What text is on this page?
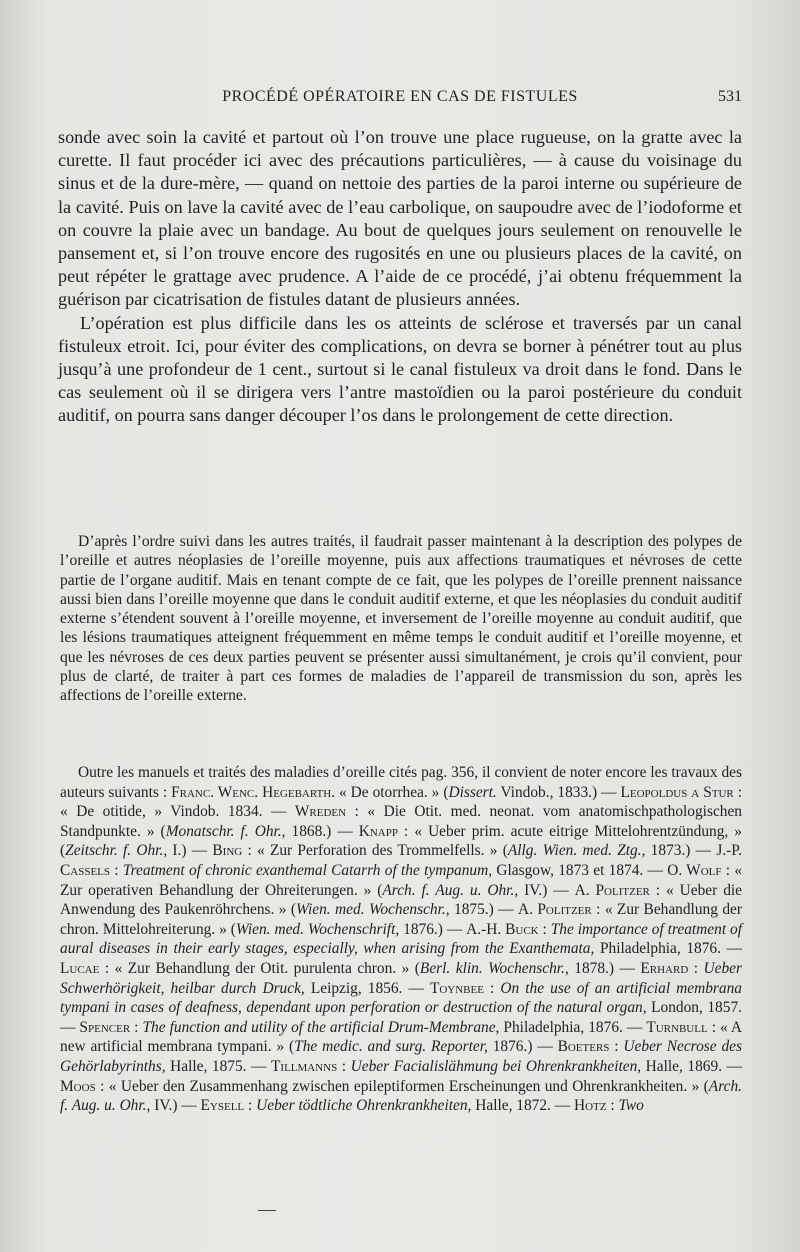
PROCÉDÉ OPÉRATOIRE EN CAS DE FISTULES	531

sonde avec soin la cavité et partout où l’on trouve une place rugueuse, on la gratte avec la curette. Il faut procéder ici avec des précautions particulières, — à cause du voisinage du sinus et de la dure-mère, — quand on nettoie des parties de la paroi interne ou supérieure de la cavité. Puis on lave la cavité avec de l’eau carbolique, on saupoudre avec de l’iodoforme et on couvre la plaie avec un bandage. Au bout de quelques jours seulement on renouvelle le pansement et, si l’on trouve encore des rugosités en une ou plusieurs places de la cavité, on peut répéter le grattage avec prudence. A l’aide de ce procédé, j’ai obtenu fréquemment la guérison par cicatrisation de fistules datant de plusieurs années.

L’opération est plus difficile dans les os atteints de sclérose et traversés par un canal fistuleux etroit. Ici, pour éviter des complications, on devra se borner à pénétrer tout au plus jusqu’à une profondeur de 1 cent., surtout si le canal fistuleux va droit dans le fond. Dans le cas seulement où il se dirigera vers l’antre mastoïdien ou la paroi postérieure du conduit auditif, on pourra sans danger découper l’os dans le prolongement de cette direction.

D’après l’ordre suivi dans les autres traités, il faudrait passer maintenant à la description des polypes de l’oreille et autres néoplasies de l’oreille moyenne, puis aux affections traumatiques et névroses de cette partie de l’organe auditif. Mais en tenant compte de ce fait, que les polypes de l’oreille prennent naissance aussi bien dans l’oreille moyenne que dans le conduit auditif externe, et que les néoplasies du conduit auditif externe s’étendent souvent à l’oreille moyenne, et inversement de l’oreille moyenne au conduit auditif, que les lésions traumatiques atteignent fréquemment en même temps le conduit auditif et l’oreille moyenne, et que les névroses de ces deux parties peuvent se présenter aussi simultanément, je crois qu’il convient, pour plus de clarté, de traiter à part ces formes de maladies de l’appareil de transmission du son, après les affections de l’oreille externe.

Outre les manuels et traités des maladies d’oreille cités pag. 356, il convient de noter encore les travaux des auteurs suivants : Franc. Wenc. Hegebarth. « De otorrhea. » (Dissert. Vindob., 1833.) — Leopoldus a Stur : « De otitide, » Vindob. 1834. — Wreden : « Die Otit. med. neonat. vom anatomischpathologischen Standpunkte. » (Monatschr. f. Ohr., 1868.) — Knapp : « Ueber prim. acute eitrige Mittelohrentzündung, » (Zeitschr. f. Ohr., I.) — Bing : « Zur Perforation des Trommelfells. » (Allg. Wien. med. Ztg., 1873.) — J.-P. Cassels : Treatment of chronic exanthemal Catarrh of the tympanum, Glasgow, 1873 et 1874. — O. Wolf : « Zur operativen Behandlung der Ohreiterungen. » (Arch. f. Aug. u. Ohr., IV.) — A. Politzer : « Ueber die Anwendung des Paukenröhrchens. » (Wien. med. Wochenschr., 1875.) — A. Politzer : « Zur Behandlung der chron. Mittelohreiterung. » (Wien. med. Wochenschrift, 1876.) — A.-H. Buck : The importance of treatment of aural diseases in their early stages, especially, when arising from the Exanthemata, Philadelphia, 1876. — Lucae : « Zur Behandlung der Otit. purulenta chron. » (Berl. klin. Wochenschr., 1878.) — Erhard : Ueber Schwerhörigkeit, heilbar durch Druck, Leipzig, 1856. — Toynbee : On the use of an artificial membrana tympani in cases of deafness, dependant upon perforation or destruction of the natural organ, London, 1857. — Spencer : The function and utility of the artificial Drum-Membrane, Philadelphia, 1876. — Turnbull : « A new artificial membrana tympani. » (The medic. and surg. Reporter, 1876.) — Boeters : Ueber Necrose des Gehörlabyrinths, Halle, 1875. — Tillmanns : Ueber Facialislähmung bei Ohrenkrankheiten, Halle, 1869. — Moos : « Ueber den Zusammenhang zwischen epileptiformen Erscheinungen und Ohrenkrankheiten. » (Arch. f. Aug. u. Ohr., IV.) — Eysell : Ueber tödtliche Ohrenkrankheiten, Halle, 1872. — Hotz : Two
